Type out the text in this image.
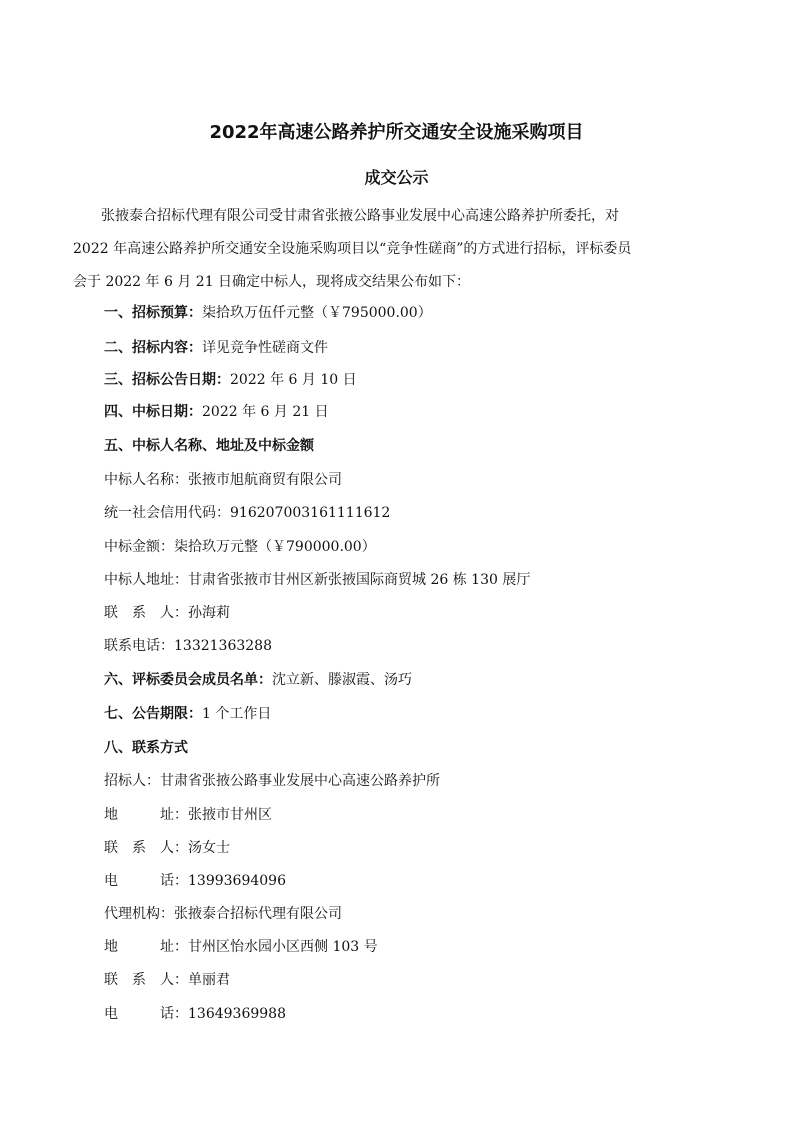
2022年高速公路养护所交通安全设施采购项目
成交公示
张掖泰合招标代理有限公司受甘肃省张掖公路事业发展中心高速公路养护所委托，对
2022 年高速公路养护所交通安全设施采购项目以“竞争性磋商”的方式进行招标，评标委员
会于 2022 年 6 月 21 日确定中标人，现将成交结果公布如下：
一、招标预算：柒拾玖万伍仟元整（￥795000.00）
二、招标内容：详见竞争性磋商文件
三、招标公告日期：2022 年 6 月 10 日
四、中标日期：2022 年 6 月 21 日
五、中标人名称、地址及中标金额
中标人名称：张掖市旭航商贸有限公司
统一社会信用代码：916207003161111612
中标金额：柒拾玖万元整（￥790000.00）
中标人地址：甘肃省张掖市甘州区新张掖国际商贸城 26 栋 130 展厅
联系人：孙海莉
联系电话：13321363288
六、评标委员会成员名单：沈立新、滕淑霞、汤巧
七、公告期限：1 个工作日
八、联系方式
招标人：甘肃省张掖公路事业发展中心高速公路养护所
地址：张掖市甘州区
联系人：汤女士
电话：13993694096
代理机构：张掖泰合招标代理有限公司
地址：甘州区怡水园小区西侧 103 号
联系人：单丽君
电话：13649369988
